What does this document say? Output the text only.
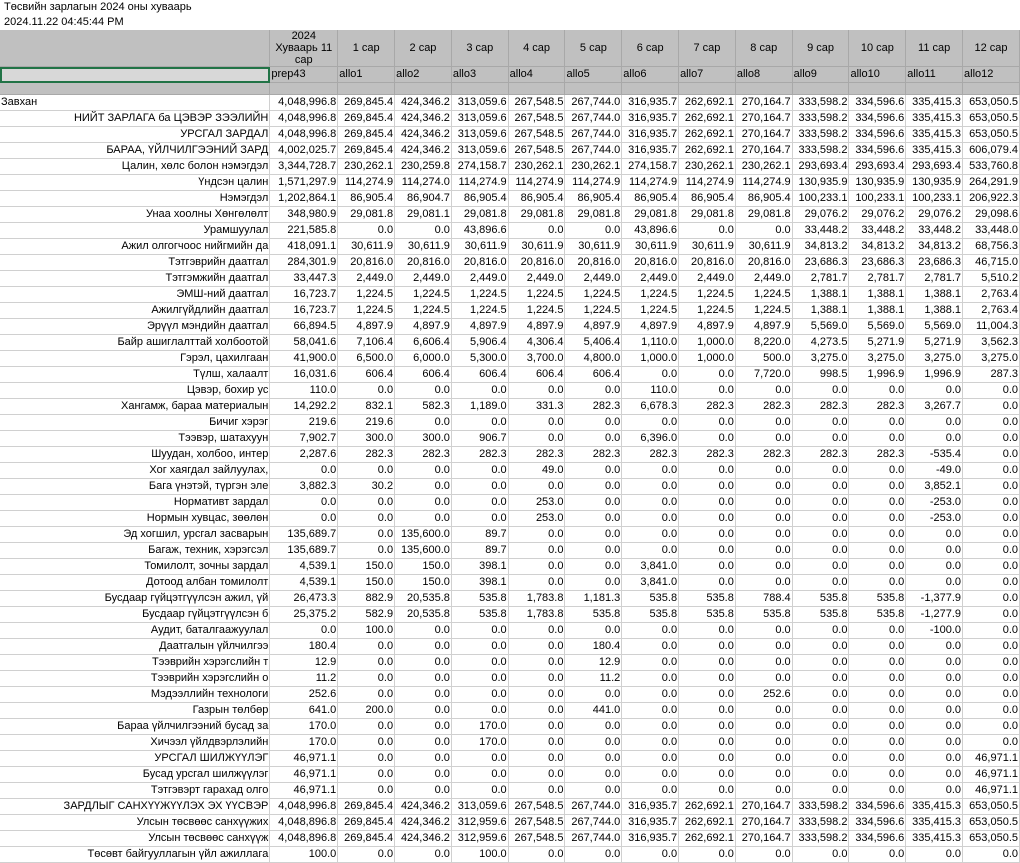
Төсвийн зарлагын 2024 оны хуваарь
2024.11.22 04:45:44 PM
	2024 Хуваарь 11 сар	1 сар	2 сар	3 сар	4 сар	5 сар	6 сар	7 сар	8 сар	9 сар	10 сар	11 сар	12 сар
	prep43	allo1	allo2	allo3	allo4	allo5	allo6	allo7	allo8	allo9	allo10	allo11	allo12

Завхан	4,048,996.8	269,845.4	424,346.2	313,059.6	267,548.5	267,744.0	316,935.7	262,692.1	270,164.7	333,598.2	334,596.6	335,415.3	653,050.5
НИЙТ ЗАРЛАГА ба ЦЭВЭР ЗЭЭЛИЙН	4,048,996.8	269,845.4	424,346.2	313,059.6	267,548.5	267,744.0	316,935.7	262,692.1	270,164.7	333,598.2	334,596.6	335,415.3	653,050.5
УРСГАЛ ЗАРДАЛ	4,048,996.8	269,845.4	424,346.2	313,059.6	267,548.5	267,744.0	316,935.7	262,692.1	270,164.7	333,598.2	334,596.6	335,415.3	653,050.5
БАРАА, ҮЙЛЧИЛГЭЭНИЙ ЗАРД	4,002,025.7	269,845.4	424,346.2	313,059.6	267,548.5	267,744.0	316,935.7	262,692.1	270,164.7	333,598.2	334,596.6	335,415.3	606,079.4
Цалин, хөлс болон нэмэгдэл	3,344,728.7	230,262.1	230,259.8	274,158.7	230,262.1	230,262.1	274,158.7	230,262.1	230,262.1	293,693.4	293,693.4	293,693.4	533,760.8
Үндсэн цалин	1,571,297.9	114,274.9	114,274.0	114,274.9	114,274.9	114,274.9	114,274.9	114,274.9	114,274.9	130,935.9	130,935.9	130,935.9	264,291.9
Нэмэгдэл	1,202,864.1	86,905.4	86,904.7	86,905.4	86,905.4	86,905.4	86,905.4	86,905.4	86,905.4	100,233.1	100,233.1	100,233.1	206,922.3
Унаа хоолны Хөнгөлөлт	348,980.9	29,081.8	29,081.1	29,081.8	29,081.8	29,081.8	29,081.8	29,081.8	29,081.8	29,076.2	29,076.2	29,076.2	29,098.6
Урамшуулал	221,585.8	0.0	0.0	43,896.6	0.0	0.0	43,896.6	0.0	0.0	33,448.2	33,448.2	33,448.2	33,448.0
Ажил олгогчоос нийгмийн да	418,091.1	30,611.9	30,611.9	30,611.9	30,611.9	30,611.9	30,611.9	30,611.9	30,611.9	34,813.2	34,813.2	34,813.2	68,756.3
Тэтгэврийн даатгал	284,301.9	20,816.0	20,816.0	20,816.0	20,816.0	20,816.0	20,816.0	20,816.0	20,816.0	23,686.3	23,686.3	23,686.3	46,715.0
Тэтгэмжийн даатгал	33,447.3	2,449.0	2,449.0	2,449.0	2,449.0	2,449.0	2,449.0	2,449.0	2,449.0	2,781.7	2,781.7	2,781.7	5,510.2
ЭМШ-ний даатгал	16,723.7	1,224.5	1,224.5	1,224.5	1,224.5	1,224.5	1,224.5	1,224.5	1,224.5	1,388.1	1,388.1	1,388.1	2,763.4
Ажилгүйдлийн даатгал	16,723.7	1,224.5	1,224.5	1,224.5	1,224.5	1,224.5	1,224.5	1,224.5	1,224.5	1,388.1	1,388.1	1,388.1	2,763.4
Эрүүл мэндийн даатгал	66,894.5	4,897.9	4,897.9	4,897.9	4,897.9	4,897.9	4,897.9	4,897.9	4,897.9	5,569.0	5,569.0	5,569.0	11,004.3
Байр ашиглалттай холбоотой	58,041.6	7,106.4	6,606.4	5,906.4	4,306.4	5,406.4	1,110.0	1,000.0	8,220.0	4,273.5	5,271.9	5,271.9	3,562.3
Гэрэл, цахилгаан	41,900.0	6,500.0	6,000.0	5,300.0	3,700.0	4,800.0	1,000.0	1,000.0	500.0	3,275.0	3,275.0	3,275.0	3,275.0
Түлш, халаалт	16,031.6	606.4	606.4	606.4	606.4	606.4	0.0	0.0	7,720.0	998.5	1,996.9	1,996.9	287.3
Цэвэр, бохир ус	110.0	0.0	0.0	0.0	0.0	0.0	110.0	0.0	0.0	0.0	0.0	0.0	0.0
Хангамж, бараа материалын	14,292.2	832.1	582.3	1,189.0	331.3	282.3	6,678.3	282.3	282.3	282.3	282.3	3,267.7	0.0
Бичиг хэрэг	219.6	219.6	0.0	0.0	0.0	0.0	0.0	0.0	0.0	0.0	0.0	0.0	0.0
Тээвэр, шатахуун	7,902.7	300.0	300.0	906.7	0.0	0.0	6,396.0	0.0	0.0	0.0	0.0	0.0	0.0
Шуудан, холбоо, интер	2,287.6	282.3	282.3	282.3	282.3	282.3	282.3	282.3	282.3	282.3	282.3	-535.4	0.0
Хог хаягдал зайлуулах,	0.0	0.0	0.0	0.0	49.0	0.0	0.0	0.0	0.0	0.0	0.0	-49.0	0.0
Бага үнэтэй, түргэн эле	3,882.3	30.2	0.0	0.0	0.0	0.0	0.0	0.0	0.0	0.0	0.0	3,852.1	0.0
Нормативт зардал	0.0	0.0	0.0	0.0	253.0	0.0	0.0	0.0	0.0	0.0	0.0	-253.0	0.0
Нормын хувцас, зөөлөн	0.0	0.0	0.0	0.0	253.0	0.0	0.0	0.0	0.0	0.0	0.0	-253.0	0.0
Эд хогшил, урсгал засварын	135,689.7	0.0	135,600.0	89.7	0.0	0.0	0.0	0.0	0.0	0.0	0.0	0.0	0.0
Багаж, техник, хэрэгсэл	135,689.7	0.0	135,600.0	89.7	0.0	0.0	0.0	0.0	0.0	0.0	0.0	0.0	0.0
Томилолт, зочны зардал	4,539.1	150.0	150.0	398.1	0.0	0.0	3,841.0	0.0	0.0	0.0	0.0	0.0	0.0
Дотоод албан томилолт	4,539.1	150.0	150.0	398.1	0.0	0.0	3,841.0	0.0	0.0	0.0	0.0	0.0	0.0
Бусдаар гүйцэтгүүлсэн ажил, үй	26,473.3	882.9	20,535.8	535.8	1,783.8	1,181.3	535.8	535.8	788.4	535.8	535.8	-1,377.9	0.0
Бусдаар гүйцэтгүүлсэн б	25,375.2	582.9	20,535.8	535.8	1,783.8	535.8	535.8	535.8	535.8	535.8	535.8	-1,277.9	0.0
Аудит, баталгаажуулал	0.0	100.0	0.0	0.0	0.0	0.0	0.0	0.0	0.0	0.0	0.0	-100.0	0.0
Даатгалын үйлчилгээ	180.4	0.0	0.0	0.0	0.0	180.4	0.0	0.0	0.0	0.0	0.0	0.0	0.0
Тээврийн хэрэгслийн т	12.9	0.0	0.0	0.0	0.0	12.9	0.0	0.0	0.0	0.0	0.0	0.0	0.0
Тээврийн хэрэгслийн о	11.2	0.0	0.0	0.0	0.0	11.2	0.0	0.0	0.0	0.0	0.0	0.0	0.0
Мэдээллийн технологи	252.6	0.0	0.0	0.0	0.0	0.0	0.0	0.0	252.6	0.0	0.0	0.0	0.0
Газрын төлбөр	641.0	200.0	0.0	0.0	0.0	441.0	0.0	0.0	0.0	0.0	0.0	0.0	0.0
Бараа үйлчилгээний бусад за	170.0	0.0	0.0	170.0	0.0	0.0	0.0	0.0	0.0	0.0	0.0	0.0	0.0
Хичээл үйлдвэрлэлийн	170.0	0.0	0.0	170.0	0.0	0.0	0.0	0.0	0.0	0.0	0.0	0.0	0.0
УРСГАЛ ШИЛЖҮҮЛЭГ	46,971.1	0.0	0.0	0.0	0.0	0.0	0.0	0.0	0.0	0.0	0.0	0.0	46,971.1
Бусад урсгал шилжүүлэг	46,971.1	0.0	0.0	0.0	0.0	0.0	0.0	0.0	0.0	0.0	0.0	0.0	46,971.1
Тэтгэвэрт гарахад олго	46,971.1	0.0	0.0	0.0	0.0	0.0	0.0	0.0	0.0	0.0	0.0	0.0	46,971.1
ЗАРДЛЫГ САНХҮҮЖҮҮЛЭХ ЭХ ҮҮСВЭР	4,048,996.8	269,845.4	424,346.2	313,059.6	267,548.5	267,744.0	316,935.7	262,692.1	270,164.7	333,598.2	334,596.6	335,415.3	653,050.5
Улсын төсвөөс санхүүжих	4,048,896.8	269,845.4	424,346.2	312,959.6	267,548.5	267,744.0	316,935.7	262,692.1	270,164.7	333,598.2	334,596.6	335,415.3	653,050.5
Улсын төсвөөс санхүүж	4,048,896.8	269,845.4	424,346.2	312,959.6	267,548.5	267,744.0	316,935.7	262,692.1	270,164.7	333,598.2	334,596.6	335,415.3	653,050.5
Төсөвт байгууллагын үйл ажиллага	100.0	0.0	0.0	100.0	0.0	0.0	0.0	0.0	0.0	0.0	0.0	0.0	0.0
